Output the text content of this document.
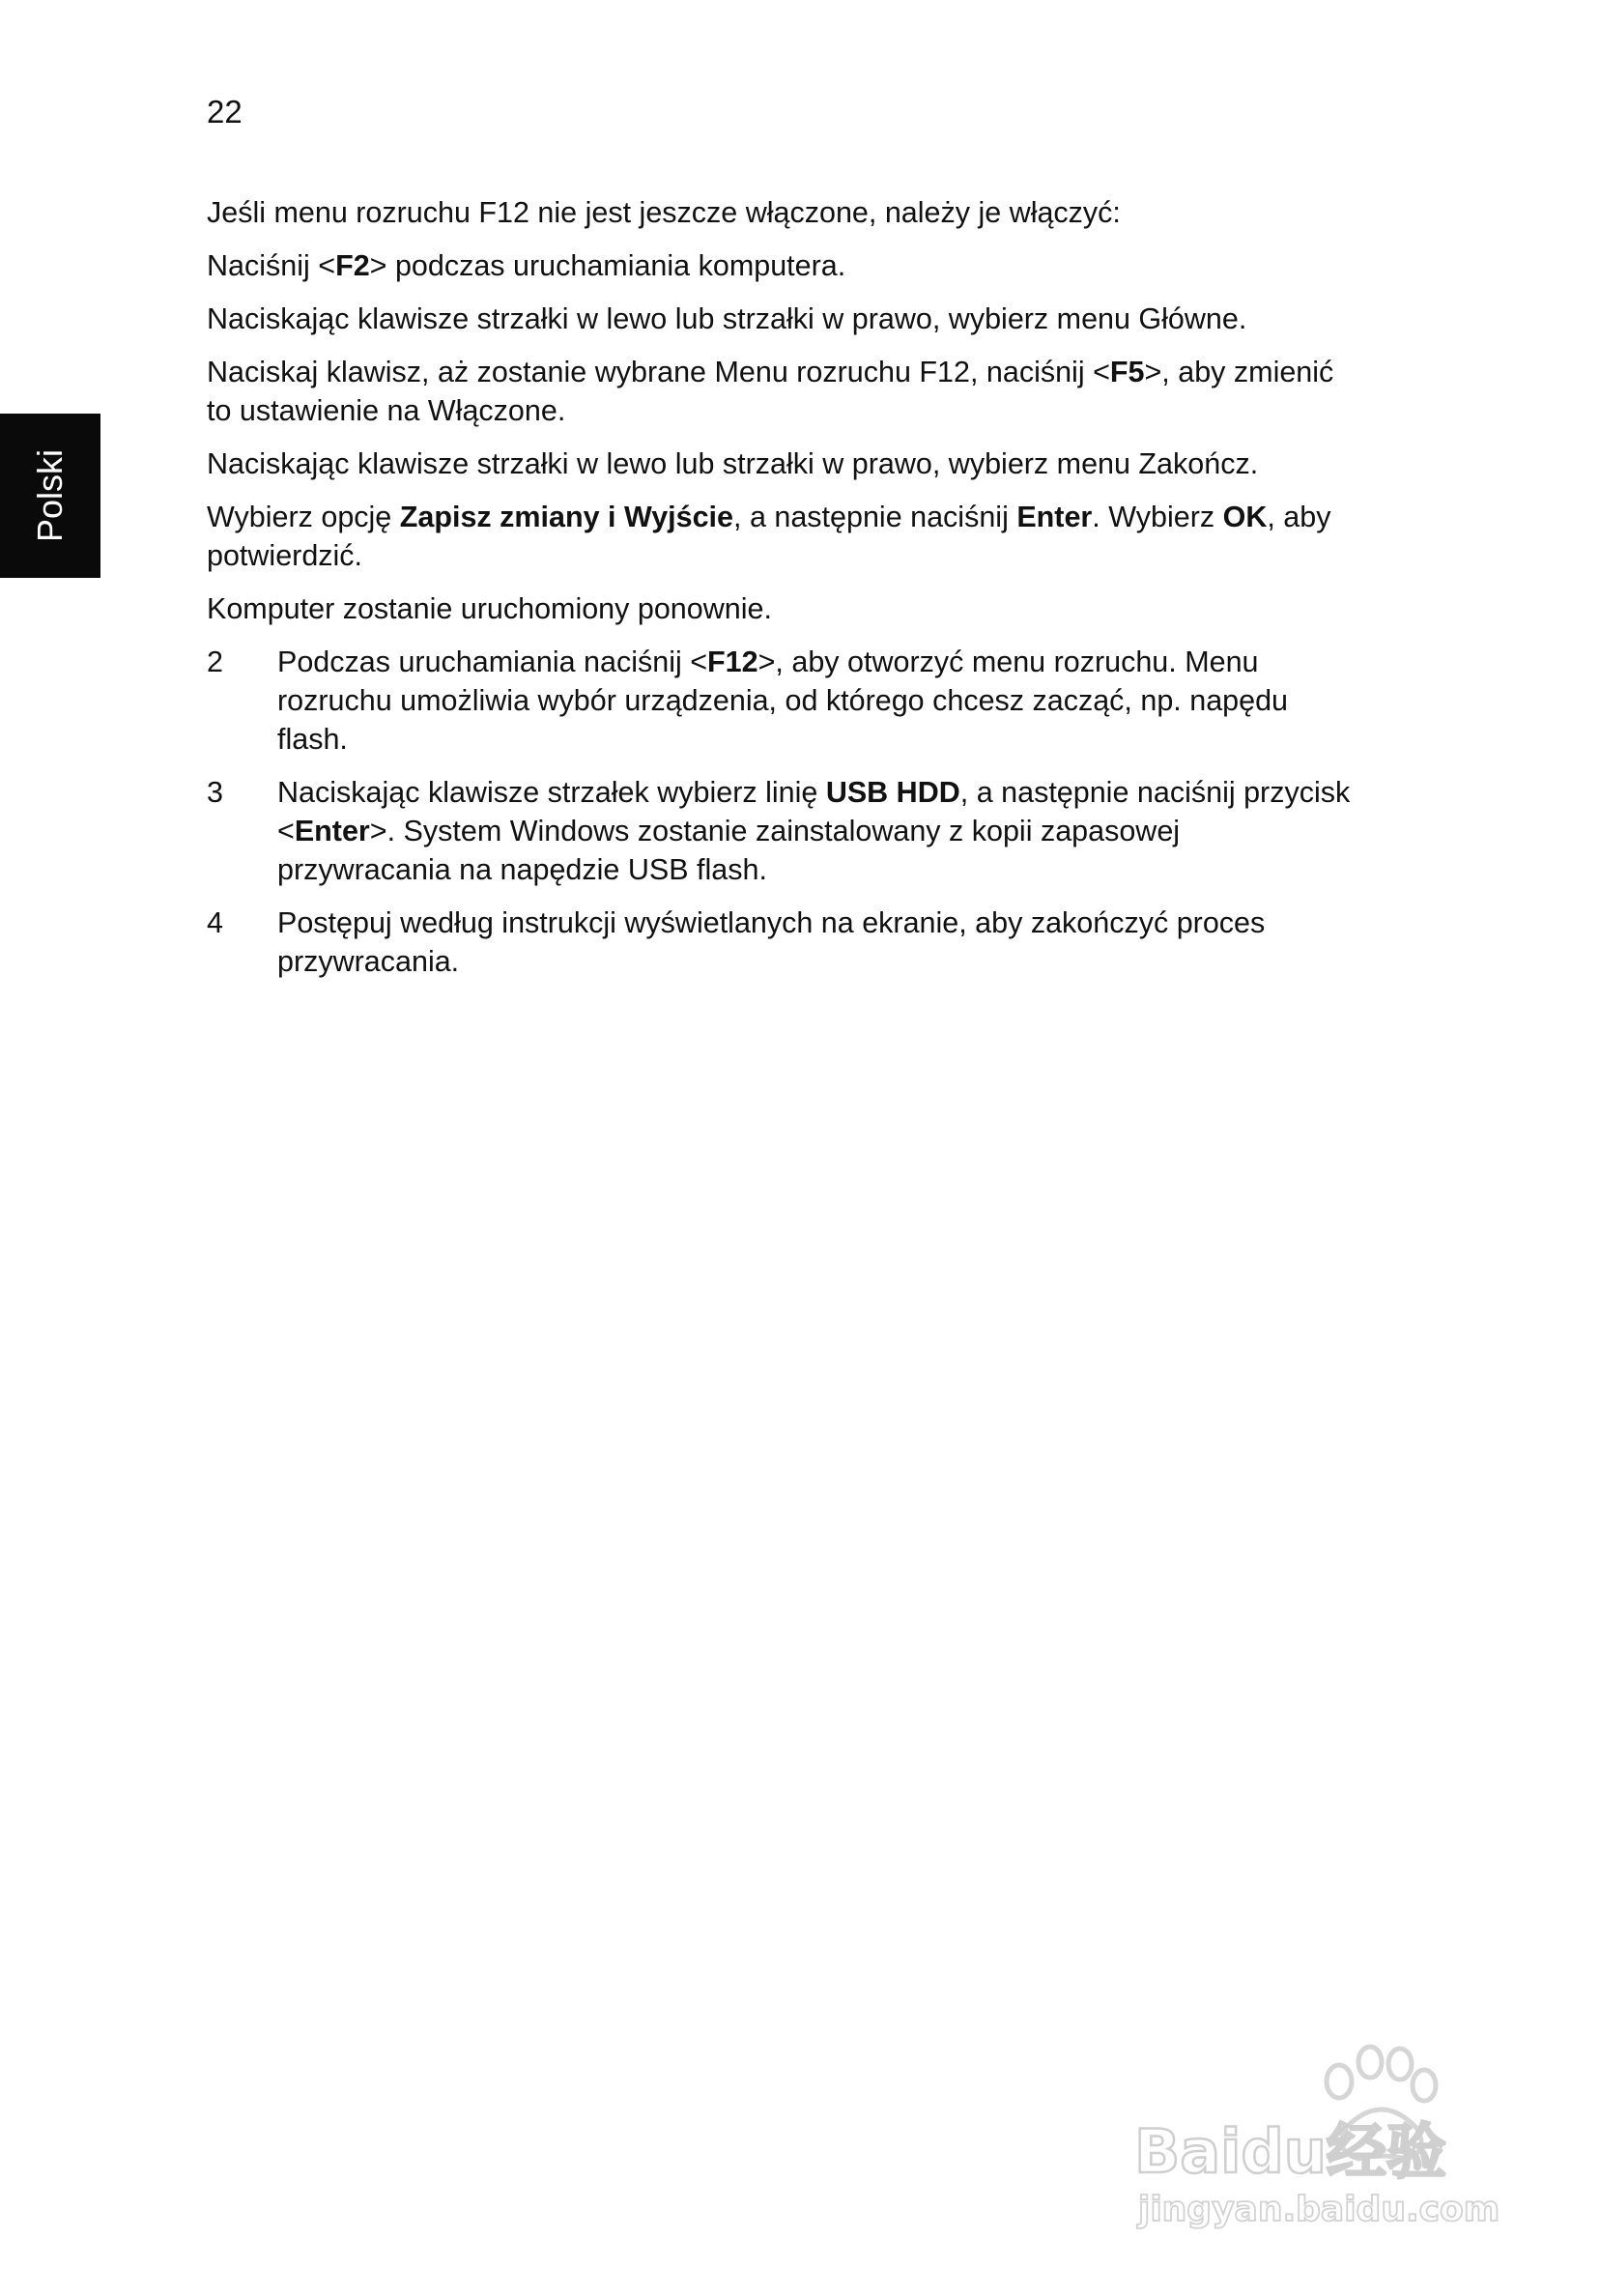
22
Polski

Jeśli menu rozruchu F12 nie jest jeszcze włączone, należy je włączyć:

Naciśnij <F2> podczas uruchamiania komputera.

Naciskając klawisze strzałki w lewo lub strzałki w prawo, wybierz menu Główne.

Naciskaj klawisz, aż zostanie wybrane Menu rozruchu F12, naciśnij <F5>, aby zmienić to ustawienie na Włączone.

Naciskając klawisze strzałki w lewo lub strzałki w prawo, wybierz menu Zakończ.

Wybierz opcję Zapisz zmiany i Wyjście, a następnie naciśnij Enter. Wybierz OK, aby potwierdzić.

Komputer zostanie uruchomiony ponownie.

2	Podczas uruchamiania naciśnij <F12>, aby otworzyć menu rozruchu. Menu rozruchu umożliwia wybór urządzenia, od którego chcesz zacząć, np. napędu flash.
3	Naciskając klawisze strzałek wybierz linię USB HDD, a następnie naciśnij przycisk <Enter>. System Windows zostanie zainstalowany z kopii zapasowej przywracania na napędzie USB flash.
4	Postępuj według instrukcji wyświetlanych na ekranie, aby zakończyć proces przywracania.
Baidu经验
jingyan.baidu.com
